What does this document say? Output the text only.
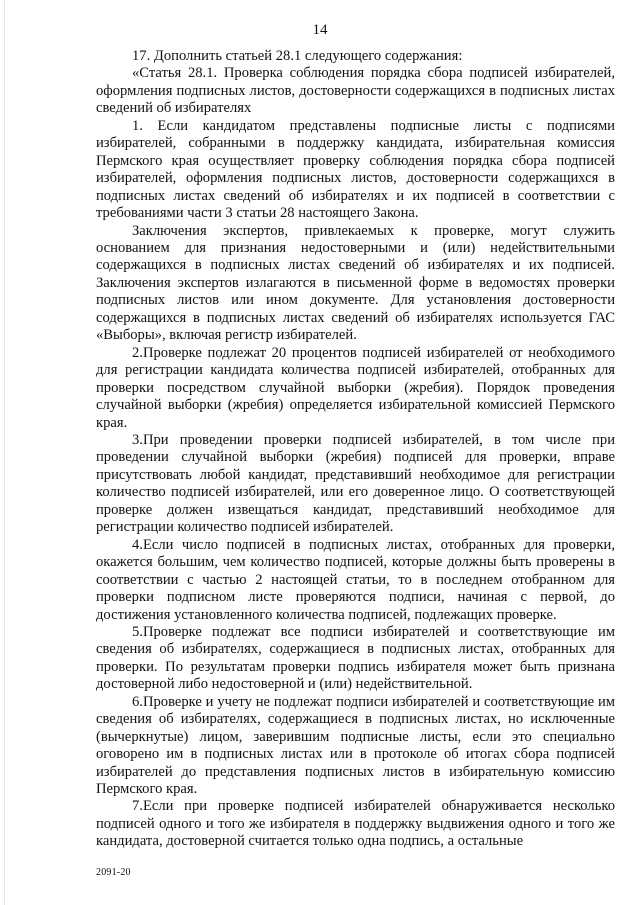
14

17. Дополнить статьей 28.1 следующего содержания:

«Статья 28.1. Проверка соблюдения порядка сбора подписей избирателей, оформления подписных листов, достоверности содержащихся в подписных листах сведений об избирателях

1. Если кандидатом представлены подписные листы с подписями избирателей, собранными в поддержку кандидата, избирательная комиссия Пермского края осуществляет проверку соблюдения порядка сбора подписей избирателей, оформления подписных листов, достоверности содержащихся в подписных листах сведений об избирателях и их подписей в соответствии с требованиями части 3 статьи 28 настоящего Закона.

Заключения экспертов, привлекаемых к проверке, могут служить основанием для признания недостоверными и (или) недействительными содержащихся в подписных листах сведений об избирателях и их подписей. Заключения экспертов излагаются в письменной форме в ведомостях проверки подписных листов или ином документе. Для установления достоверности содержащихся в подписных листах сведений об избирателях используется ГАС «Выборы», включая регистр избирателей.

2.Проверке подлежат 20 процентов подписей избирателей от необходимого для регистрации кандидата количества подписей избирателей, отобранных для проверки посредством случайной выборки (жребия). Порядок проведения случайной выборки (жребия) определяется избирательной комиссией Пермского края.

3.При проведении проверки подписей избирателей, в том числе при проведении случайной выборки (жребия) подписей для проверки, вправе присутствовать любой кандидат, представивший необходимое для регистрации количество подписей избирателей, или его доверенное лицо. О соответствующей проверке должен извещаться кандидат, представивший необходимое для регистрации количество подписей избирателей.

4.Если число подписей в подписных листах, отобранных для проверки, окажется большим, чем количество подписей, которые должны быть проверены в соответствии с частью 2 настоящей статьи, то в последнем отобранном для проверки подписном листе проверяются подписи, начиная с первой, до достижения установленного количества подписей, подлежащих проверке.

5.Проверке подлежат все подписи избирателей и соответствующие им сведения об избирателях, содержащиеся в подписных листах, отобранных для проверки. По результатам проверки подпись избирателя может быть признана достоверной либо недостоверной и (или) недействительной.

6.Проверке и учету не подлежат подписи избирателей и соответствующие им сведения об избирателях, содержащиеся в подписных листах, но исключенные (вычеркнутые) лицом, заверившим подписные листы, если это специально оговорено им в подписных листах или в протоколе об итогах сбора подписей избирателей до представления подписных листов в избирательную комиссию Пермского края.

7.Если при проверке подписей избирателей обнаруживается несколько подписей одного и того же избирателя в поддержку выдвижения одного и того же кандидата, достоверной считается только одна подпись, а остальные

2091-20
